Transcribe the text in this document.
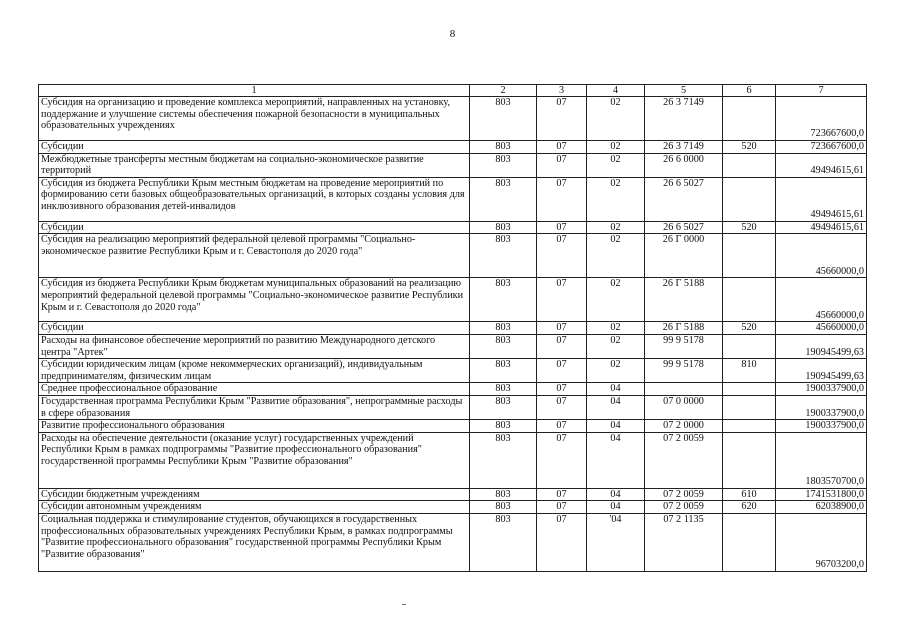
8
1	2	3	4	5	6	7
Субсидия на организацию и проведение комплекса мероприятий, направленных на установку, поддержание и улучшение системы обеспечения пожарной безопасности в муниципальных образовательных учреждениях	803	07	02	26 3 7149		723667600,0
Субсидии	803	07	02	26 3 7149	520	723667600,0
Межбюджетные трансферты местным бюджетам на социально-экономическое развитие территорий	803	07	02	26 6 0000		49494615,61
Субсидия из бюджета Республики Крым местным бюджетам на проведение мероприятий по формированию сети базовых общеобразовательных организаций, в которых созданы условия для инклюзивного образования детей-инвалидов	803	07	02	26 6 5027		49494615,61
Субсидии	803	07	02	26 6 5027	520	49494615,61
Субсидия на реализацию мероприятий федеральной целевой программы "Социально-экономическое развитие Республики Крым и г. Севастополя до 2020 года"	803	07	02	26 Г 0000		45660000,0
Субсидия из бюджета Республики Крым бюджетам муниципальных образований на реализацию мероприятий федеральной целевой программы "Социально-экономическое развитие Республики Крым и г. Севастополя до 2020 года"	803	07	02	26 Г 5188		45660000,0
Субсидии	803	07	02	26 Г 5188	520	45660000,0
Расходы на финансовое обеспечение мероприятий по развитию Международного детского центра "Артек"	803	07	02	99 9 5178		190945499,63
Субсидии юридическим лицам (кроме некоммерческих организаций), индивидуальным предпринимателям, физическим лицам	803	07	02	99 9 5178	810	190945499,63
Среднее профессиональное образование	803	07	04			1900337900,0
Государственная программа Республики Крым "Развитие образования", непрограммные расходы в сфере образования	803	07	04	07 0 0000		1900337900,0
Развитие профессионального образования	803	07	04	07 2 0000		1900337900,0
Расходы на обеспечение деятельности (оказание услуг) государственных учреждений Республики Крым в рамках подпрограммы "Развитие профессионального образования" государственной программы Республики Крым "Развитие образования"	803	07	04	07 2 0059		1803570700,0
Субсидии бюджетным учреждениям	803	07	04	07 2 0059	610	1741531800,0
Субсидии автономным учреждениям	803	07	04	07 2 0059	620	62038900,0
Социальная поддержка и стимулирование студентов, обучающихся в государственных профессиональных образовательных учреждениях Республики Крым, в рамках подпрограммы "Развитие профессионального образования" государственной программы Республики Крым "Развитие образования"	803	07	'04	07 2 1135		96703200,0
